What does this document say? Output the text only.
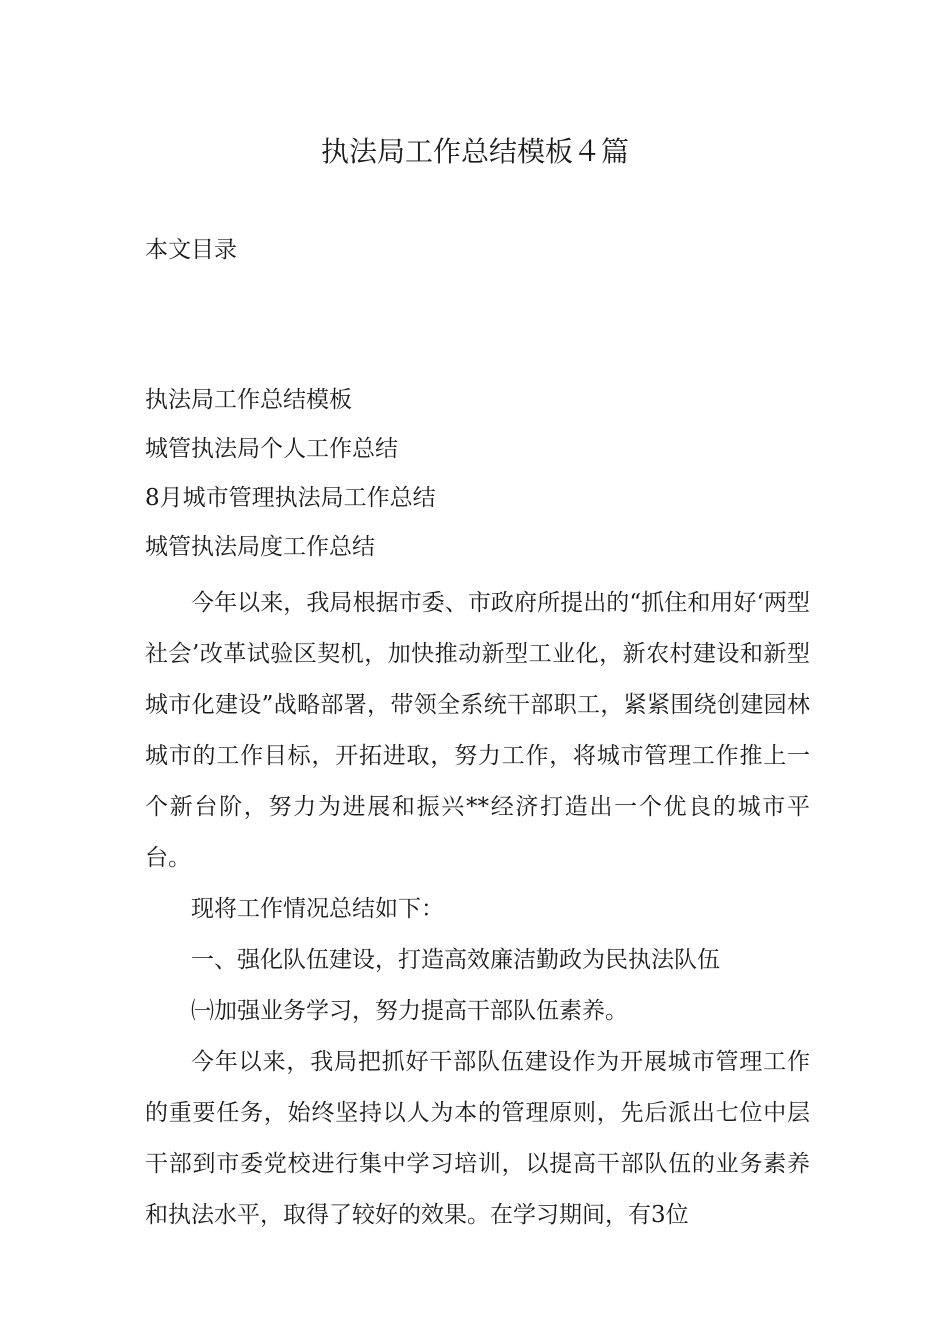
执法局工作总结模板４篇
本文目录
执法局工作总结模板
城管执法局个人工作总结
8月城市管理执法局工作总结
城管执法局度工作总结

今年以来，我局根据市委、市政府所提出的“抓住和用好‘两型社会’改革试验区契机，加快推动新型工业化，新农村建设和新型城市化建设”战略部署，带领全系统干部职工，紧紧围绕创建园林城市的工作目标，开拓进取，努力工作，将城市管理工作推上一个新台阶，努力为进展和振兴**经济打造出一个优良的城市平台。

现将工作情况总结如下：

一、强化队伍建设，打造高效廉洁勤政为民执法队伍

㈠加强业务学习，努力提高干部队伍素养。

今年以来，我局把抓好干部队伍建设作为开展城市管理工作的重要任务，始终坚持以人为本的管理原则，先后派出七位中层干部到市委党校进行集中学习培训，以提高干部队伍的业务素养和执法水平，取得了较好的效果。在学习期间，有3位
